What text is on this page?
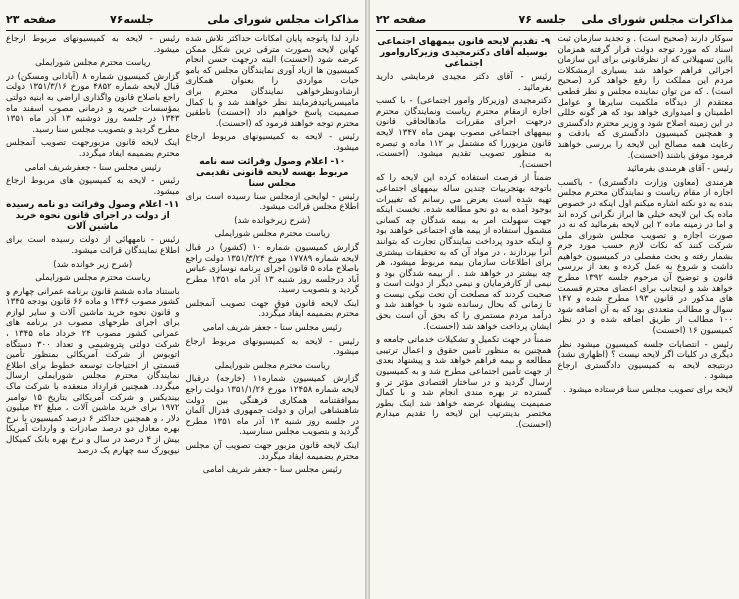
مذاکرات مجلس شورای ملی
جلسه۷۶
صفحه ۲۳

دارد لذا پاتوجه پایان امکانات حداکثر تلاش شده کهاین لایحه بصورت مترقی ترین شکل ممکن عرضه شود (احسنت) البته درجهت حسن انجام کمیسیون ها ازیاد آوری نمایندگان مجلس که بامو حبات مواردی را بعنوان همکاری ارشادونظرخواهی نمایندگان محترم برای مامیسرپاتیدفرمایند نظر خواهند شد و با کمال صمیمیت پاسخ خواهیم داد (احسنت) ناطقین محترم توجه خواهند فرمود که (احسنت).

رئیس - لایحه به کمیسیونهای مربوط ارجاع میشود.

۱۰- اعلام وصول وقرائت سه نامه مربوط بهسه لایحه قانونی تقدیمی مجلس سنا

رئیس - لوایحی ازمجلس سنا رسیده است برای اطلاع مجلس قرائت میشود.

(شرح زیرخوانده شد)

ریاست محترم مجلس شورایملی

گزارش کمیسیون شماره ۱۰ (کشور) در قبال لایحه شماره ۱۷۷۸۹ مورخ ۱۳۵۱/۳/۲۴ دولت راجع باصلاح ماده ۵ قانون اجرای برنامه نوسازی عباس آباد درجلسه روز شنبه ۱۳ آذر ماه ۱۳۵۱ مطرح گردید و بتصویب رسید.

اینک لایحه قانون فوق جهت تصویب آنمجلس محترم بضمیمه ایفاد میگردد.

رئیس مجلس سنا - جعفر شریف امامی

رئیس - لایحه به کمیسیونهای مربوط ارجاع میشود.

ریاست محترم مجلس شورایملی

گزارش کمیسیون شماره۱۱ (خارجه) درقبال لایحه شماره ۱۲۴۵۸ مورخ ۱۳۵۱/۱/۲۶ دولت راجع بموافقتنامه همکاری فرهنگی بین دولت شاهنشاهی ایران و دولت جمهوری فدرال آلمان در جلسه روز شنبه ۱۳ آذر ماه ۱۳۵۱ مطرح گردید و بتصویب مجلس سنارسید.

اینک لایحه قانون مزبور جهت تصویب آن مجلس محترم بضمیمه ایفاد میگردد.

رئیس مجلس سنا - جعفر شریف امامی

رئیس - لایحه به کمیسیونهای مربوط ارجاع میشود.

ریاست محترم مجلس شورایملی

گزارش کمیسیون شماره ۸ (آبادانی ومسکن) در قبال لایحه شماره ۴۸۵۲ مورخ ۱۳۵۱/۳/۱۶ دولت راجع باصلاح قانون واگذاری اراضی به ابنیه دولتی بمؤسسات خیریه و درمانی مصوب اسفند ماه ۱۳۴۳ در جلسه روز دوشنبه ۱۳ آذر ماه ۱۳۵۱ مطرح گردید و بتصویب مجلس سنا رسید.

اینک لایحه قانون مزبورجهت تصویب آنمجلس محترم بضمیمه ایفاد میگردد.

رئیس مجلس سنا - جعفرشریف امامی

رئیس - لایحه به کمیسیون های مربوط ارجاع میشود.

۱۱- اعلام وصول وقرائت دو نامه رسیده از دولت در اجرای قانون نحوه خرید ماشین آلات

رئیس - نامههائی از دولت رسیده است برای اطلاع نمایندگان قرائت میشود.

(شرح زیر خوانده شد)

ریاست محترم مجلس شورایملی

باستناد ماده ششم قانون برنامه عمرانی چهارم و کشور مصوب ۱۳۴۶ و ماده ۶۶ قانون بودجه ۱۳۴۵ و قانون نحوه خرید ماشین آلات و سایر لوازم برای اجرای طرحهای مصوب در برنامه های عمرانی کشور مصوب ۲۴ خرداد ماه ۱۳۴۵ ، شرکت دولتی پتروشیمی و تعداد ۳۰۰ دستگاه اتوبوس از شرکت آمریکائی بمنظور تأمین قسمتی از احتیاجات توسعه خطوط برای اطلاع نمایندگان محترم مجلس شورایملی ارسال میگردد. همچنین قرارداد منعقده با شرکت ماک بیندیکس و شرکت آمریکائی بتاریخ ۱۵ نوامبر ۱۹۷۲ برای خرید ماشین آلات ، مبلغ ۴۲ میلیون دلار ، و همچنین حداکثر ۶ درصد کمیسیون با نرخ بهره معادل دو درصد صادرات و واردات آمریکا بیش از ۴ درصد در سال و نرخ بهره بانک کمیکال نیویورک سه چهارم یک درصد

مذاکرات مجلس شورای ملی    جلسه ۷۶
صفحه ۲۲

سوکار دارند (صحیح است) . و تجدید سازمان ثبت اسناد که مورد توجه دولت قرار گرفته همزمان بااین تسهیلاتی که از نظرقانونی برای این سازمان اجرائی فراهم خواهد شد بسیاری ازمشکلات مردم این مملکت را رفع خواهد کرد (صحیح است) . که من توان نماینده مجلس و نظر قطعی معتقدم از دیدگاه ملکمیت سایرها و عوامل اطمینان و امیدواری خواهد بود که هر گونه خللی در این زمینه اصلاح شود و وزیر محترم دادگستری و همچنین کمیسیون دادگستری که بادقت و رعایت همه مصالح این لایحه را بررسی خواهند فرمود موفق باشند (احسنت).

رئیس - آقای هرمندی بفرمائید

هرمندی (معاون وزارت دادگستری) - باکسب اجازه از مقام ریاست و نمایندگان محترم مجلس بنده به دو نکته اشاره میکنم اول اینکه در خصوص ماده یک این لایحه خیلی ها ابراز نگرانی کرده اند و اما در زمینه ماده ۲ این لایحه بفرمائید که نه در صورت اجازه و تصویب مجلس شورای ملی شرکت کنند که نکات لازم حسب مورد جرم بشمار رفته و بحث مفصلی در کمیسیون خواهیم داشت و شروع به عمل کرده و بعد از بررسی قانون و توضیح آن مرحوم جلسه ۱۳۹۲ مطرح خواهد شد و اینجانب برای اعضای محترم قسمت های مذکور در قانون ۱۹۳ مطرح شده و ۱۴۷ سوال و مطالب متعددی بود که به آن اضافه شود ۱۰۰ مطالب از طریق اضافه شده و در نظر کمیسیون ۱۶ (احسنت)

رئیس - انتصابات جلسه کمیسیون میشود نظر دیگری در کلیات اگر لایحه نیست ؟ (اظهاری نشد) درنتیجه لایحه به کمیسیون دادگستری ارجاع میشود .

لایحه برای تصویب مجلس سنا فرستاده میشود .

۹- تقدیم لایحه قانون بیمههای اجتماعی بوسیله آقای دکترمجیدی وزیرکاروامور اجتماعی

رئیس - آقای دکتر مجیدی فرمایشی دارید بفرمائید .

دکترمجیدی (وزیرکار وامور اجتماعی) - با کسب اجازه ازمقام محترم ریاست ونمایندگان محترم درجهت اجرای مقررات مادهالحاقی قانون بیمههای اجتماعی مصوب بهمن ماه ۱۳۴۷ لایحه قانون مزبوررا که مشتمل بر ۱۱۲ ماده و تبصره به منظور تصویب تقدیم میشود. (احسنت، احسنت).

ضمناً از فرصت استفاده کرده این لایحه را که باتوجه بهتجربیات چندین ساله بیمههای اجتماعی تهیه شده است بعرض می رسانم که تغییرات بوجود آمده به دو نحو مطالعه شده. نخست اینکه جهت سهولت امر به بیمه شدگان چه کسانی مشمول استفاده از بیمه های اجتماعی خواهند بود و اینکه حدود پرداخت نمایندگان تجارت که بتوانند آنرا بپردازند ، در مواد آن که به تحقیقات بیشتری برای اطلاعات سازمان بیمه مربوط میشود، هر چه بیشتر در خواهد شد . از بیمه شدگان بود و نیمی از کارفرمایان و نیمی دیگر از دولت است و صحبت کردند که مصلحت آن تحت نیکی نیست و تا زمانی که بحال رسانده شود با خواهند شد و درآمد مردم مستمری را که بحق آن است بحق ایشان پرداخت خواهد شد (احسنت).

ضمناً در جهت تکمیل و تشکیلات خدماتی جامعه و همچنین به منظور تأمین حقوق و اعمال ترتیبی مطالعه و بیمه فراهم خواهد شد و پیشنهاد بعدی از جهت تأمین اجتماعی مطرح شد و به کمیسیون ارسال گردید و در ساختار اقتصادی مؤثر تر و گسترده تر بهره مندی انجام شد و با کمال صمیمیت پیشنهاد عرضه خواهد شد اینک بطور مختصر بدینترتیب این لایحه را تقدیم میدارم (احسنت).
